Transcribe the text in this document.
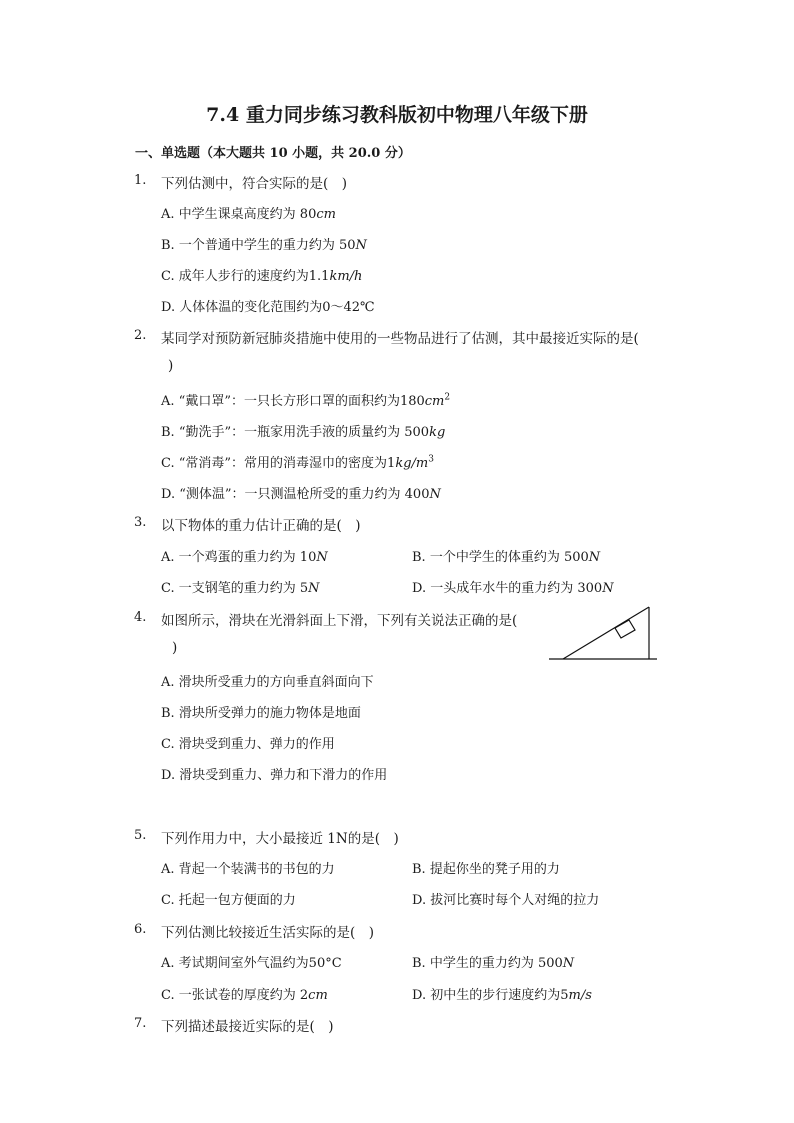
7.4 重力同步练习教科版初中物理八年级下册
一、单选题（本大题共 10 小题，共 20.0 分）
1. 下列估测中，符合实际的是(　)
A. 中学生课桌高度约为 80cm
B. 一个普通中学生的重力约为 50N
C. 成年人步行的速度约为1.1km/h
D. 人体体温的变化范围约为0～42℃
2. 某同学对预防新冠肺炎措施中使用的一些物品进行了估测，其中最接近实际的是(
)
A. “戴口罩”：一只长方形口罩的面积约为$180cm^2$
B. “勤洗手”：一瓶家用洗手液的质量约为 500kg
C. “常消毒”：常用的消毒湿巾的密度为$1kg/m^3$
D. “测体温”：一只测温枪所受的重力约为 400N
3. 以下物体的重力估计正确的是(　)
A. 一个鸡蛋的重力约为 10N	B. 一个中学生的体重约为 500N
C. 一支钢笔的重力约为 5N	D. 一头成年水牛的重力约为 300N
4. 如图所示，滑块在光滑斜面上下滑，下列有关说法正确的是(
)
A. 滑块所受重力的方向垂直斜面向下
B. 滑块所受弹力的施力物体是地面
C. 滑块受到重力、弹力的作用
D. 滑块受到重力、弹力和下滑力的作用
5. 下列作用力中，大小最接近 1N的是(　)
A. 背起一个装满书的书包的力	B. 提起你坐的凳子用的力
C. 托起一包方便面的力	D. 拔河比赛时每个人对绳的拉力
6. 下列估测比较接近生活实际的是(　)
A. 考试期间室外气温约为50°C	B. 中学生的重力约为 500N
C. 一张试卷的厚度约为 2cm	D. 初中生的步行速度约为5m/s
7. 下列描述最接近实际的是(　)
